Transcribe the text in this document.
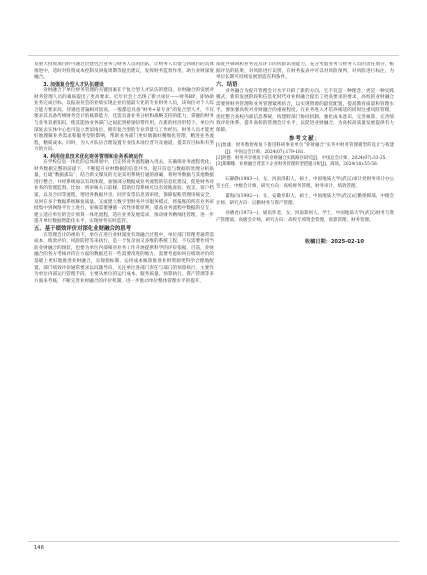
及重大投资项目时可通过层建包告业务与财务人员的团队，让财务人员参与到项目的具体推进中，适时对投资成本控制及回报周期等提出建议，发挥财务监督作用，助力业财深度融合。

3. 加强复合型人才队伍建设

业财融合下单位财务管理的关键因素在于复合型人才队伍的建设，业财融合的发展对财务管理人员的素质提出了更高要求。近年社会上出现了新兴岗位——财务BP，即协助业务完成目标，以报表业会的业绩实现企业价值最大化的专业财务人员，该岗位对个人综合能力要求高，待遇也普遍相对较高。一般都是具备“财务+某专业”的复合型人才，不仅要求其具备传统财务会计的核算能力，还需具备业务分析和战略支持的能力，掌握的财务与业务双重知识，使其能协业各部门之间起到桥梁纽带作用。在新的经济形势下，单位内部复去实体中心也可设立类似岗位，拥有复合型的专业背景与工作经历，财务人员才能更好地理解业务需求和服务型的影响，帮助业务部门更好地做好精细化管理，精进业务流程，精简成本。同时，为人才队伍合理设置专业技术岗位晋升及通道，提其有目标和有努力的方向。

4. 利用信息技术优化财务管理和业务系统运作

在学校信息一体化的总体规划中，目定将业务流程融入进去，在确保业务流程优化、财务数据完整的前提下，不断提升业财数据的信息共享，提升信息与数据的处理分析质量，打破“数据孤岛”，结合新文媒及的无论采用系统打通的准确，将财务数据与其他数据进行整合，并经系统加以有效体现，加强部分数据成业务流程的信息化建设，促进财务对业务的管理监督。比如：将审核关口前移，借助打印系统可以有效地查验、收支、客户档案，以及合同等流程，增进各数据共享，同步发票信息到审批，保障报账管理审核安全，及时在多个数据系统修复质量。又或建立数字型财务共享服务模式，将报账的所有业务审批集中到网络平台上进行，审核需要遵循一次性审批原则，提高业务流程中数据的交互，建立适应单位的会计预算一体化流程，适应业务发展需求，推动财务精细化管理，进一步提升单位数据智能化水平，实现财务实时监管。

五、基于绩效评价对深化业财融合的思考

在管理会计的视角下，单位在进行业财深度有效融合过程中，单位部门管理考通常需成本、绩效评价、风险防控等来执行，是一个复杂而又多维的系统工程，不仅需要作用当前业财融合的现状，也要为单位内部相对业务工作开展提供科学的评价依据，目前，业财融合的各方考核评价在方面的数据还有一些需要改进的地方，需要考虑如何在绩效评价的基础上更好地推进业财融合，实现指标制、运用成本核算推进业财资源更科学合理地配置。部门绩效评价通常要求以问题导向，关注单位各部门责任与部门的预算执行，主要作为单位内部运行管理手段，主要从单位的运行成本、服务质量、预算执行、资产管理等多方面来考核，不断完善业财融合的评价机制，进一步推动单位整体管理水平的提升。

部复共频域和业务直点环节的风险识别能力，充分考虑业务与财务人员的责任划分，根据评估的结果，对风险进行识别，在财务报表中可以对风险预判，对风险进行标注，为单位长期可持续发展创造有利条件。

六、结语

业务融合为提升管理会计水平开辟了新的方向，它不仅是一种理念，更是一种实践模式。新的发展阶段和信息化时代对业财融合提出了更高要求的要求，高校的业财融合需要将财务管理和业务管理紧密结合，以实现资源的最优配置，提高教育质量和管理水平。要加强高校对业财融合的重视程度，在业务进入才培养相适的同时注重风险管理，优化整合高校内部信息系统，构建跨部门协同机制，强化成本意识，完善核算，完善绩效评价体系，提升高校的管理会计水平，以促进业财融合，为高校高质量发展提供有力保障。

参考文献：

[1]詹雄．财务数智视角下推进科研事业单位“业财融合”实务中财务管理模型的设计与构建[J]．中国总会计师，2024(07):179-181.

[2]阿德．财务共享视角下的业财融合实践路径研究[J]．中国总会计师，2024(07):33-35.

[3]郑娜娜．业财融合背景下企业财务管理转型措施分析[J]．商场，2024(18):55-58.

石静静(1983—)，女，河南洛阳人，硕士，中国地质大学(武汉)审计处财务审计办公室主任，中级会计师，研究方向：高校财务管理、财务审计，绩效管理。

董海向(1992—)，女，安徽阜阳人，硕士，中国地质大学(武汉)后勤保障部，中级会计师，研究方向：后勤财务与资产管理。

谷晓君(1973—)，通讯作者，女，河南郑州人，学士，中国地质大学(武汉)财务与资产管理部，高级会计师，研究方向：高校专项资金管理，预算管理，财务管理。

收稿日期：2025-02-10
146
